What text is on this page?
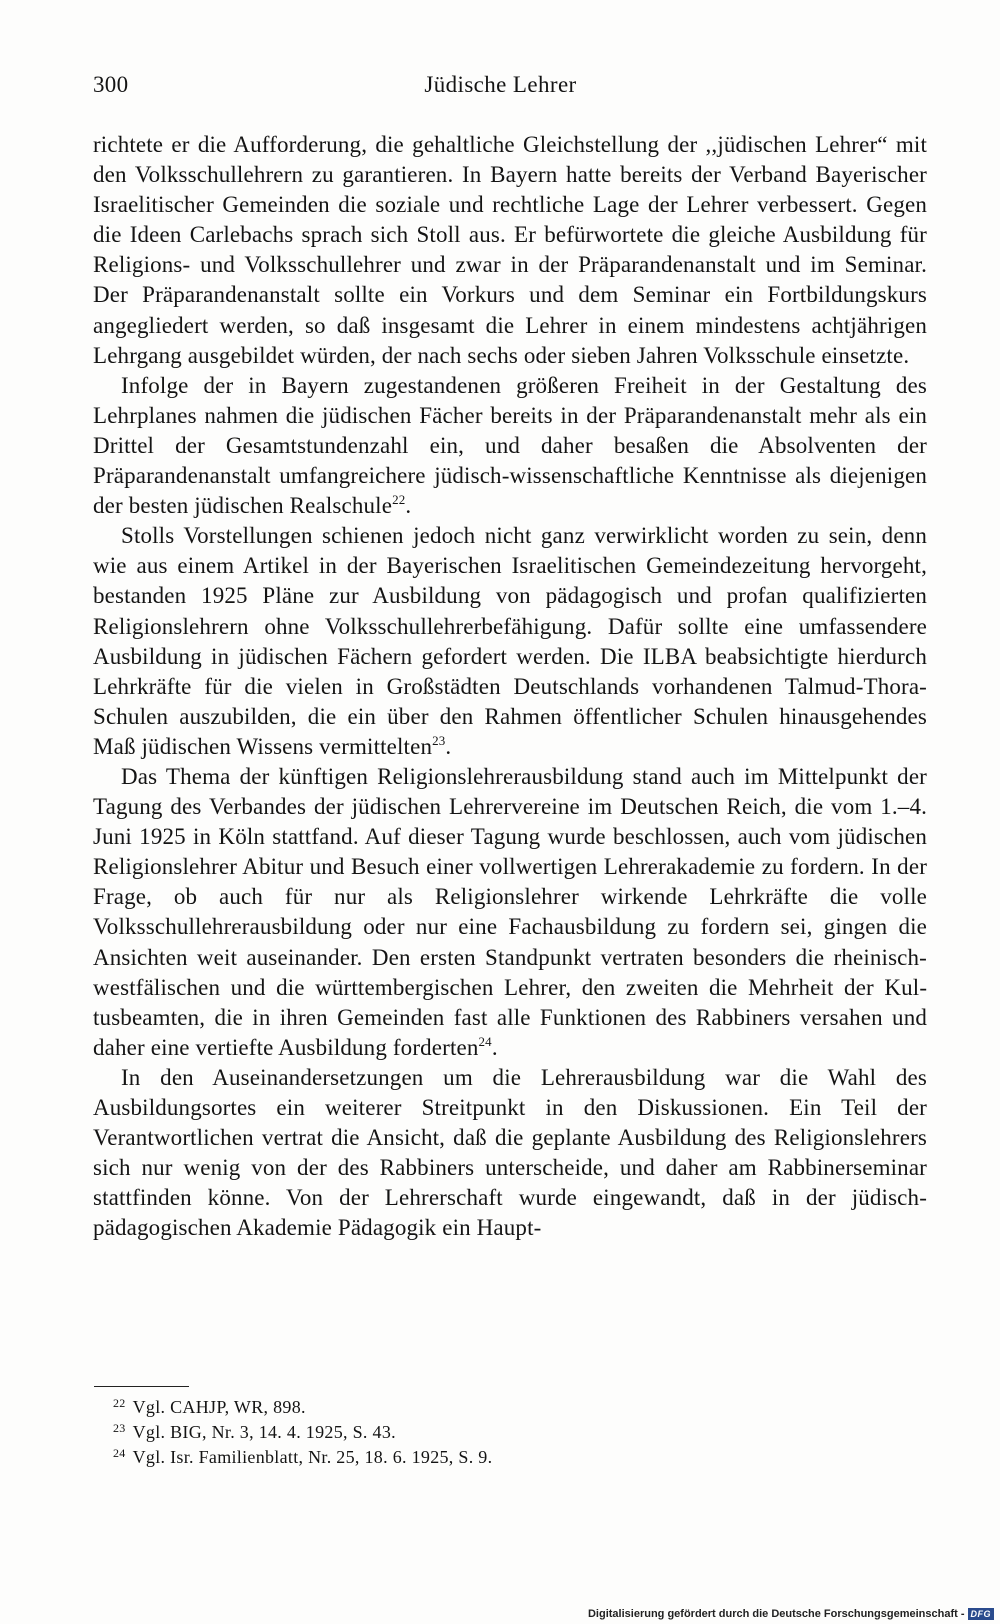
300	Jüdische Lehrer

richtete er die Aufforderung, die gehaltliche Gleichstellung der ,,jüdischen Lehrer“ mit den Volksschullehrern zu garantieren. In Bayern hatte bereits der Verband Bayerischer Israelitischer Gemeinden die soziale und rechtliche Lage der Lehrer verbessert. Gegen die Ideen Carlebachs sprach sich Stoll aus. Er befürwortete die gleiche Ausbildung für Religions- und Volksschullehrer und zwar in der Präparandenanstalt und im Seminar. Der Präparandenanstalt sollte ein Vorkurs und dem Seminar ein Fortbildungskurs angegliedert werden, so daß insgesamt die Lehrer in einem mindestens achtjährigen Lehrgang ausgebildet würden, der nach sechs oder sieben Jahren Volksschule einsetzte.

Infolge der in Bayern zugestandenen größeren Freiheit in der Gestaltung des Lehrplanes nahmen die jüdischen Fächer bereits in der Präparandenanstalt mehr als ein Drittel der Gesamtstundenzahl ein, und daher besaßen die Absolventen der Präparandenanstalt umfangreichere jüdisch-wissenschaftliche Kenntnisse als diejenigen der besten jüdischen Realschule$^{22}$.

Stolls Vorstellungen schienen jedoch nicht ganz verwirklicht worden zu sein, denn wie aus einem Artikel in der Bayerischen Israelitischen Gemeindezeitung hervorgeht, bestanden 1925 Pläne zur Ausbildung von pädagogisch und profan qualifizierten Religionslehrern ohne Volksschullehrerbefähigung. Dafür sollte eine umfassendere Ausbildung in jüdischen Fächern gefordert werden. Die ILBA beabsichtigte hierdurch Lehrkräfte für die vielen in Großstädten Deutschlands vorhandenen Talmud-Thora-Schulen auszubilden, die ein über den Rahmen öffentlicher Schulen hinausgehendes Maß jüdischen Wissens vermittelten$^{23}$.

Das Thema der künftigen Religionslehrerausbildung stand auch im Mittelpunkt der Tagung des Verbandes der jüdischen Lehrervereine im Deutschen Reich, die vom 1.–4. Juni 1925 in Köln stattfand. Auf dieser Tagung wurde beschlossen, auch vom jüdischen Religionslehrer Abitur und Besuch einer vollwertigen Lehrerakademie zu fordern. In der Frage, ob auch für nur als Religionslehrer wirkende Lehrkräfte die volle Volksschullehrerausbildung oder nur eine Fachausbildung zu fordern sei, gingen die Ansichten weit auseinander. Den ersten Standpunkt vertraten besonders die rheinisch-westfälischen und die württembergischen Lehrer, den zweiten die Mehrheit der Kultusbeamten, die in ihren Gemeinden fast alle Funktionen des Rabbiners versahen und daher eine vertiefte Ausbildung forderten$^{24}$.

In den Auseinandersetzungen um die Lehrerausbildung war die Wahl des Ausbildungsortes ein weiterer Streitpunkt in den Diskussionen. Ein Teil der Verantwortlichen vertrat die Ansicht, daß die geplante Ausbildung des Religionslehrers sich nur wenig von der des Rabbiners unterscheide, und daher am Rabbinerseminar stattfinden könne. Von der Lehrerschaft wurde eingewandt, daß in der jüdisch-pädagogischen Akademie Pädagogik ein Haupt-

$^{22}$ Vgl. CAHJP, WR, 898.

$^{23}$ Vgl. BIG, Nr. 3, 14. 4. 1925, S. 43.

$^{24}$ Vgl. Isr. Familienblatt, Nr. 25, 18. 6. 1925, S. 9.

Digitalisierung gefördert durch die Deutsche Forschungsgemeinschaft - DFG
